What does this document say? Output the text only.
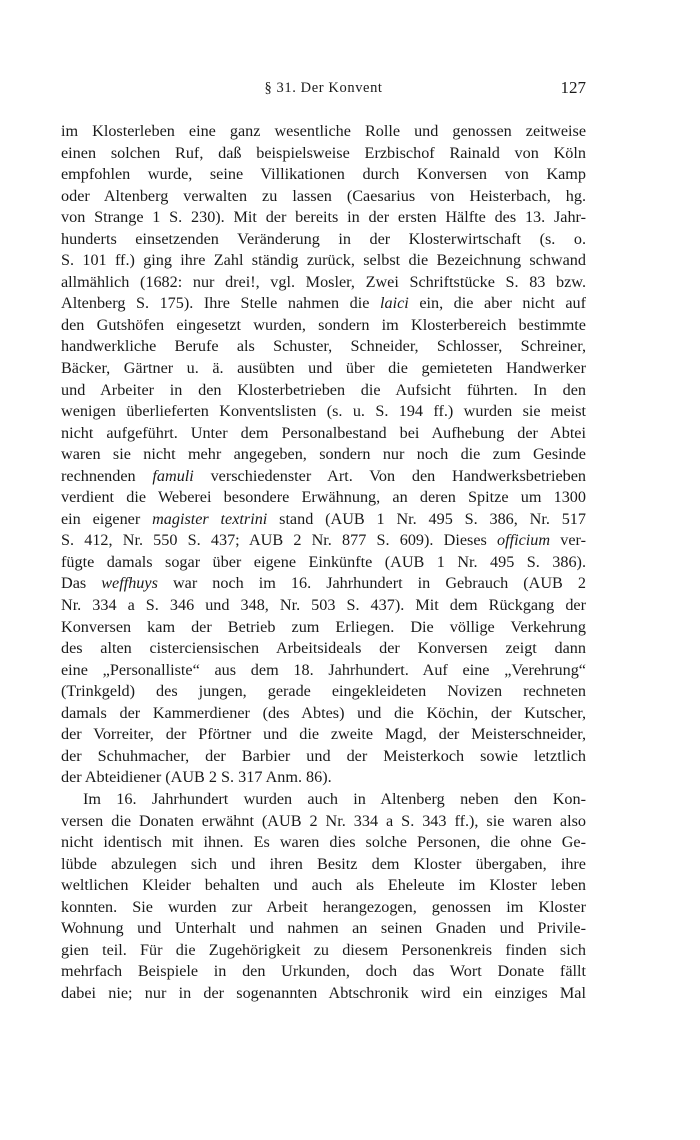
§ 31. Der Konvent	127

im Klosterleben eine ganz wesentliche Rolle und genossen zeitweise

einen solchen Ruf, daß beispielsweise Erzbischof Rainald von Köln

empfohlen wurde, seine Villikationen durch Konversen von Kamp

oder Altenberg verwalten zu lassen (Caesarius von Heisterbach, hg.

von Strange 1 S. 230). Mit der bereits in der ersten Hälfte des 13. Jahr-

hunderts einsetzenden Veränderung in der Klosterwirtschaft (s. o.

S. 101 ff.) ging ihre Zahl ständig zurück, selbst die Bezeichnung schwand

allmählich (1682: nur drei!, vgl. Mosler, Zwei Schriftstücke S. 83 bzw.

Altenberg S. 175). Ihre Stelle nahmen die laici ein, die aber nicht auf

den Gutshöfen eingesetzt wurden, sondern im Klosterbereich bestimmte

handwerkliche Berufe als Schuster, Schneider, Schlosser, Schreiner,

Bäcker, Gärtner u. ä. ausübten und über die gemieteten Handwerker

und Arbeiter in den Klosterbetrieben die Aufsicht führten. In den

wenigen überlieferten Konventslisten (s. u. S. 194 ff.) wurden sie meist

nicht aufgeführt. Unter dem Personalbestand bei Aufhebung der Abtei

waren sie nicht mehr angegeben, sondern nur noch die zum Gesinde

rechnenden famuli verschiedenster Art. Von den Handwerksbetrieben

verdient die Weberei besondere Erwähnung, an deren Spitze um 1300

ein eigener magister textrini stand (AUB 1 Nr. 495 S. 386, Nr. 517

S. 412, Nr. 550 S. 437; AUB 2 Nr. 877 S. 609). Dieses officium ver-

fügte damals sogar über eigene Einkünfte (AUB 1 Nr. 495 S. 386).

Das weffhuys war noch im 16. Jahrhundert in Gebrauch (AUB 2

Nr. 334 a S. 346 und 348, Nr. 503 S. 437). Mit dem Rückgang der

Konversen kam der Betrieb zum Erliegen. Die völlige Verkehrung

des alten cisterciensischen Arbeitsideals der Konversen zeigt dann

eine „Personalliste“ aus dem 18. Jahrhundert. Auf eine „Verehrung“

(Trinkgeld) des jungen, gerade eingekleideten Novizen rechneten

damals der Kammerdiener (des Abtes) und die Köchin, der Kutscher,

der Vorreiter, der Pförtner und die zweite Magd, der Meisterschneider,

der Schuhmacher, der Barbier und der Meisterkoch sowie letztlich

der Abteidiener (AUB 2 S. 317 Anm. 86).

Im 16. Jahrhundert wurden auch in Altenberg neben den Kon-

versen die Donaten erwähnt (AUB 2 Nr. 334 a S. 343 ff.), sie waren also

nicht identisch mit ihnen. Es waren dies solche Personen, die ohne Ge-

lübde abzulegen sich und ihren Besitz dem Kloster übergaben, ihre

weltlichen Kleider behalten und auch als Eheleute im Kloster leben

konnten. Sie wurden zur Arbeit herangezogen, genossen im Kloster

Wohnung und Unterhalt und nahmen an seinen Gnaden und Privile-

gien teil. Für die Zugehörigkeit zu diesem Personenkreis finden sich

mehrfach Beispiele in den Urkunden, doch das Wort Donate fällt

dabei nie; nur in der sogenannten Abtschronik wird ein einziges Mal
